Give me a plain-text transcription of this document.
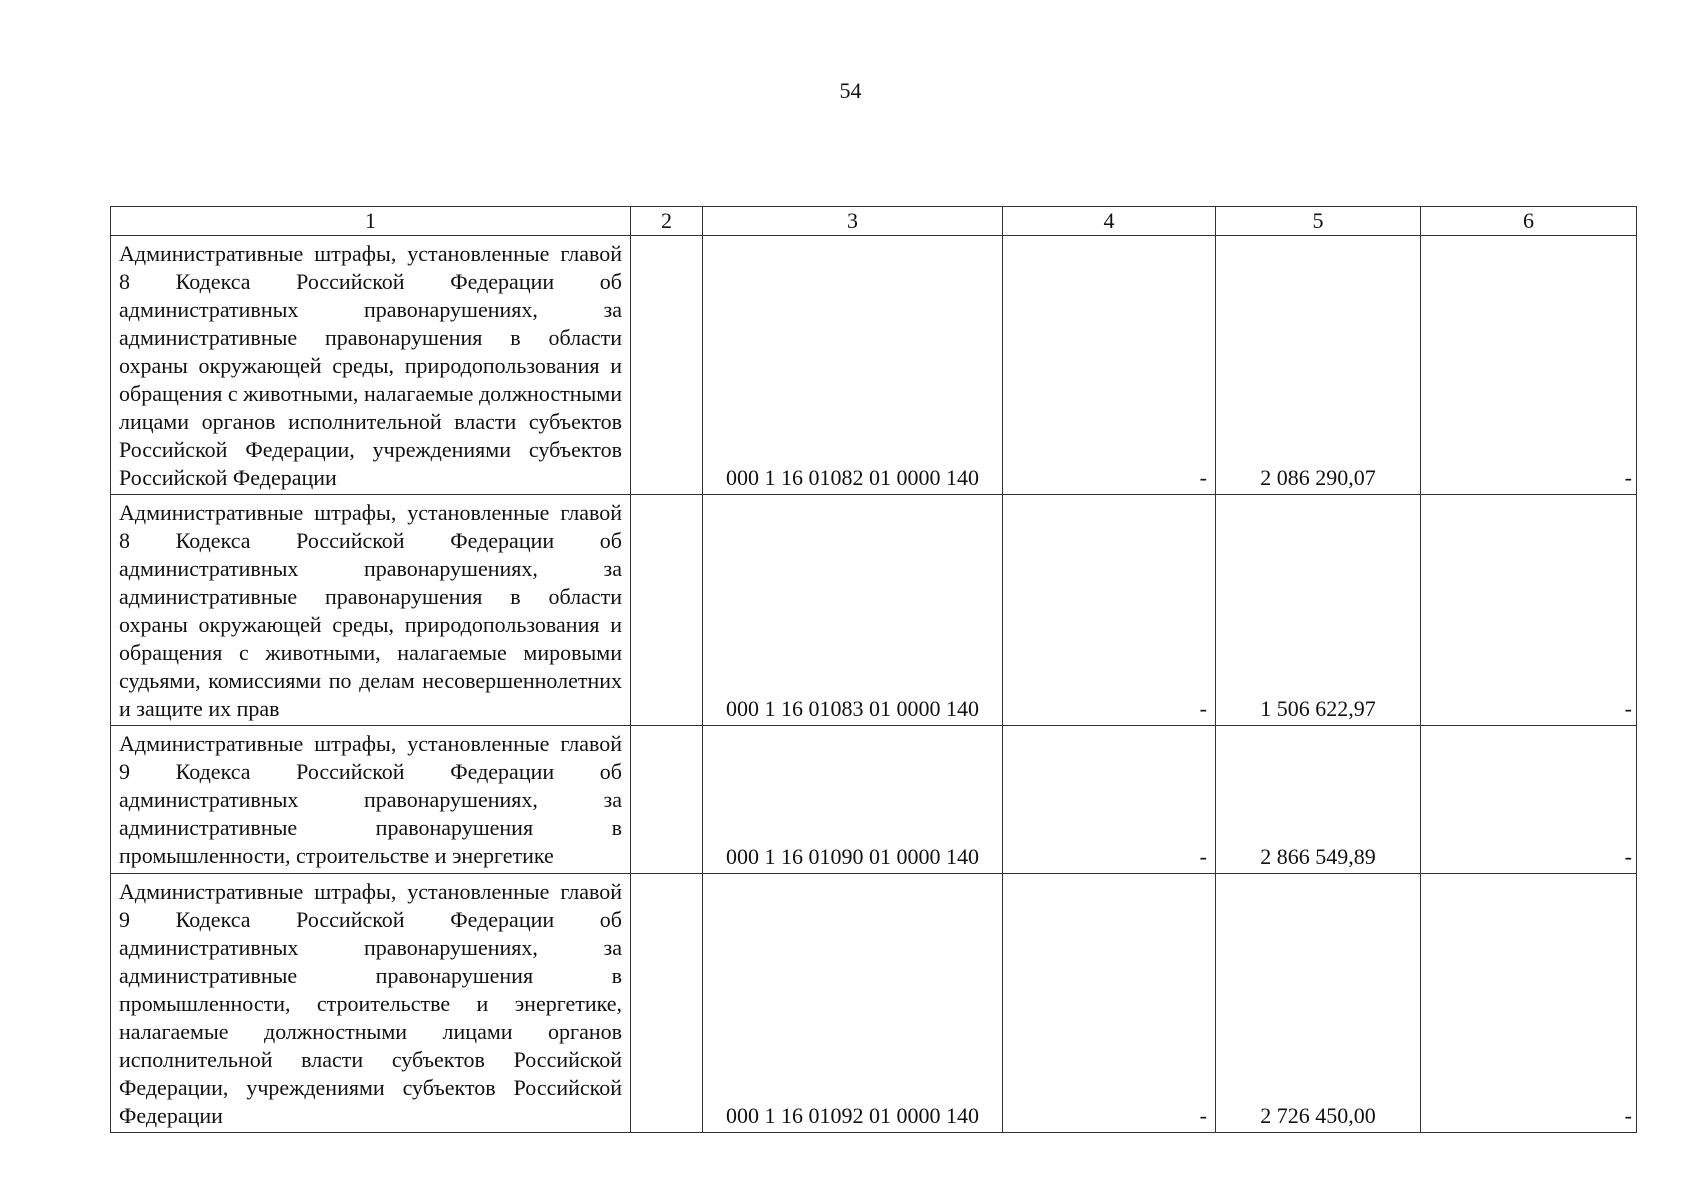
54
1	2	3	4	5	6
Административные штрафы, установленные главой 8 Кодекса Российской Федерации об административных правонарушениях, за административные правонарушения в области охраны окружающей среды, природопользования и обращения с животными, налагаемые должностными лицами органов исполнительной власти субъектов Российской Федерации, учреждениями субъектов Российской Федерации		000 1 16 01082 01 0000 140	-	2 086 290,07	-
Административные штрафы, установленные главой 8 Кодекса Российской Федерации об административных правонарушениях, за административные правонарушения в области охраны окружающей среды, природопользования и обращения с животными, налагаемые мировыми судьями, комиссиями по делам несовершеннолетних и защите их прав		000 1 16 01083 01 0000 140	-	1 506 622,97	-
Административные штрафы, установленные главой 9 Кодекса Российской Федерации об административных правонарушениях, за административные правонарушения в промышленности, строительстве и энергетике		000 1 16 01090 01 0000 140	-	2 866 549,89	-
Административные штрафы, установленные главой 9 Кодекса Российской Федерации об административных правонарушениях, за административные правонарушения в промышленности, строительстве и энергетике, налагаемые должностными лицами органов исполнительной власти субъектов Российской Федерации, учреждениями субъектов Российской Федерации		000 1 16 01092 01 0000 140	-	2 726 450,00	-
